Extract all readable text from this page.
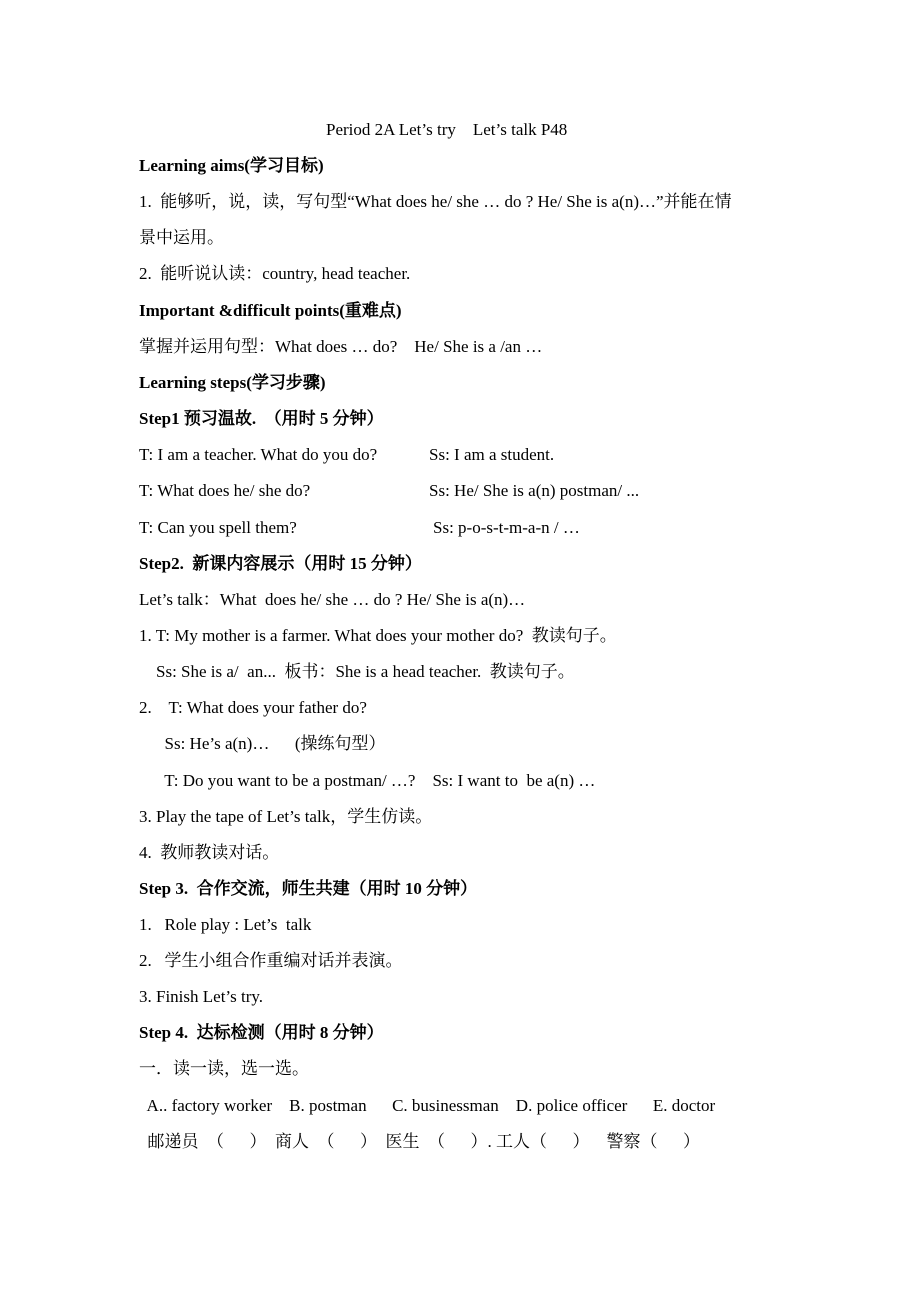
Period 2A Let’s try    Let’s talk P48
Learning aims(学习目标)
1.  能够听，说，读，写句型“What does he/ she … do ? He/ She is a(n)…”并能在情
景中运用。
2.  能听说认读：country, head teacher.
Important &difficult points(重难点)
掌握并运用句型：What does … do?    He/ She is a /an …
Learning steps(学习步骤)
Step1 预习温故.  （用时 5 分钟）
T: I am a teacher. What do you do?	Ss: I am a student.
T: What does he/ she do?	Ss: He/ She is a(n) postman/ ...
T: Can you spell them?	Ss: p-o-s-t-m-a-n / …
Step2.  新课内容展示（用时 15 分钟）
Let’s talk：What  does he/ she … do ? He/ She is a(n)…
1. T: My mother is a farmer. What does your mother do?  教读句子。
Ss: She is a/  an...  板书：She is a head teacher.  教读句子。
2.    T: What does your father do?
Ss: He’s a(n)…      (操练句型）
T: Do you want to be a postman/ …?    Ss: I want to  be a(n) …
3. Play the tape of Let’s talk，学生仿读。
4.  教师教读对话。
Step 3.  合作交流，师生共建（用时 10 分钟）
1.   Role play : Let’s  talk
2.   学生小组合作重编对话并表演。
3. Finish Let’s try.
Step 4.  达标检测（用时 8 分钟）
一．读一读，选一选。
A.. factory worker    B. postman      C. businessman    D. police officer      E. doctor
邮递员  （      ）  商人  （      ）  医生  （      ）. 工人（      ）    警察（      ）
